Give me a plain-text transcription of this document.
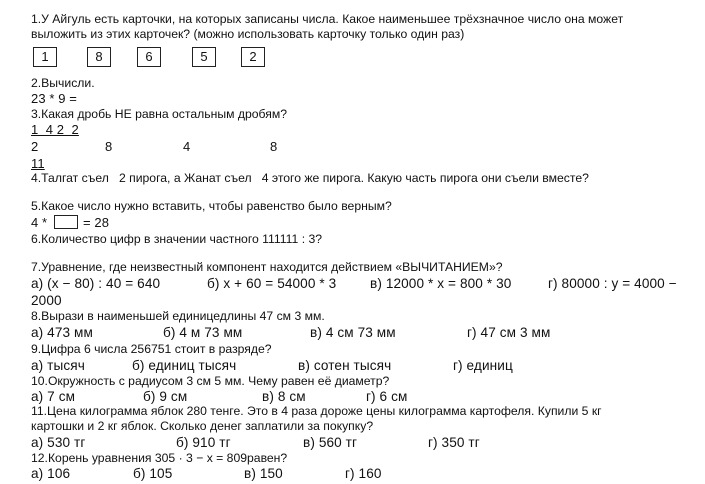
1.У Айгуль есть карточки, на которых записаны числа. Какое наименьшее трёхзначное число она может
выложить из этих карточек? (можно использовать карточку только один раз)
1	8	6	5	2
2.Вычисли.
23 * 9 =
3.Какая дробь НЕ равна остальным дробям?
1  4 2  2
2	8	4	8
11
4.Талгат съел   2 пирога, а Жанат съел   4 этого же пирога. Какую часть пирога они съели вместе?
5.Какое число нужно вставить, чтобы равенство было верным?
4 *	= 28
6.Количество цифр в значении частного 111111 : 3?
7.Уравнение, где неизвестный компонент находится действием «ВЫЧИТАНИЕМ»?
а) (x − 80) : 40 = 640	б) x + 60 = 54000 * 3 в) 12000 * x = 800 * 30	г) 80000 : y = 4000 −
2000
8.Вырази в наименьшей единицедлины 47 см 3 мм.
а) 473 мм	б) 4 м 73 мм	в) 4 см 73 мм	г) 47 см 3 мм
9.Цифра 6 числа 256751 стоит в разряде?
а) тысяч	б) единиц тысяч	в) сотен тысяч	г) единиц
10.Окружность с радиусом 3 см 5 мм. Чему равен её диаметр?
а) 7 см	б) 9 см	в) 8 см	г) 6 см
11.Цена килограмма яблок 280 тенге. Это в 4 раза дороже цены килограмма картофеля. Купили 5 кг
картошки и 2 кг яблок. Сколько денег заплатили за покупку?
а) 530 тг	б) 910 тг	в) 560 тг	г) 350 тг
12.Корень уравнения 305 · 3 − x = 809равен?
а) 106	б) 105	в) 150	г) 160
